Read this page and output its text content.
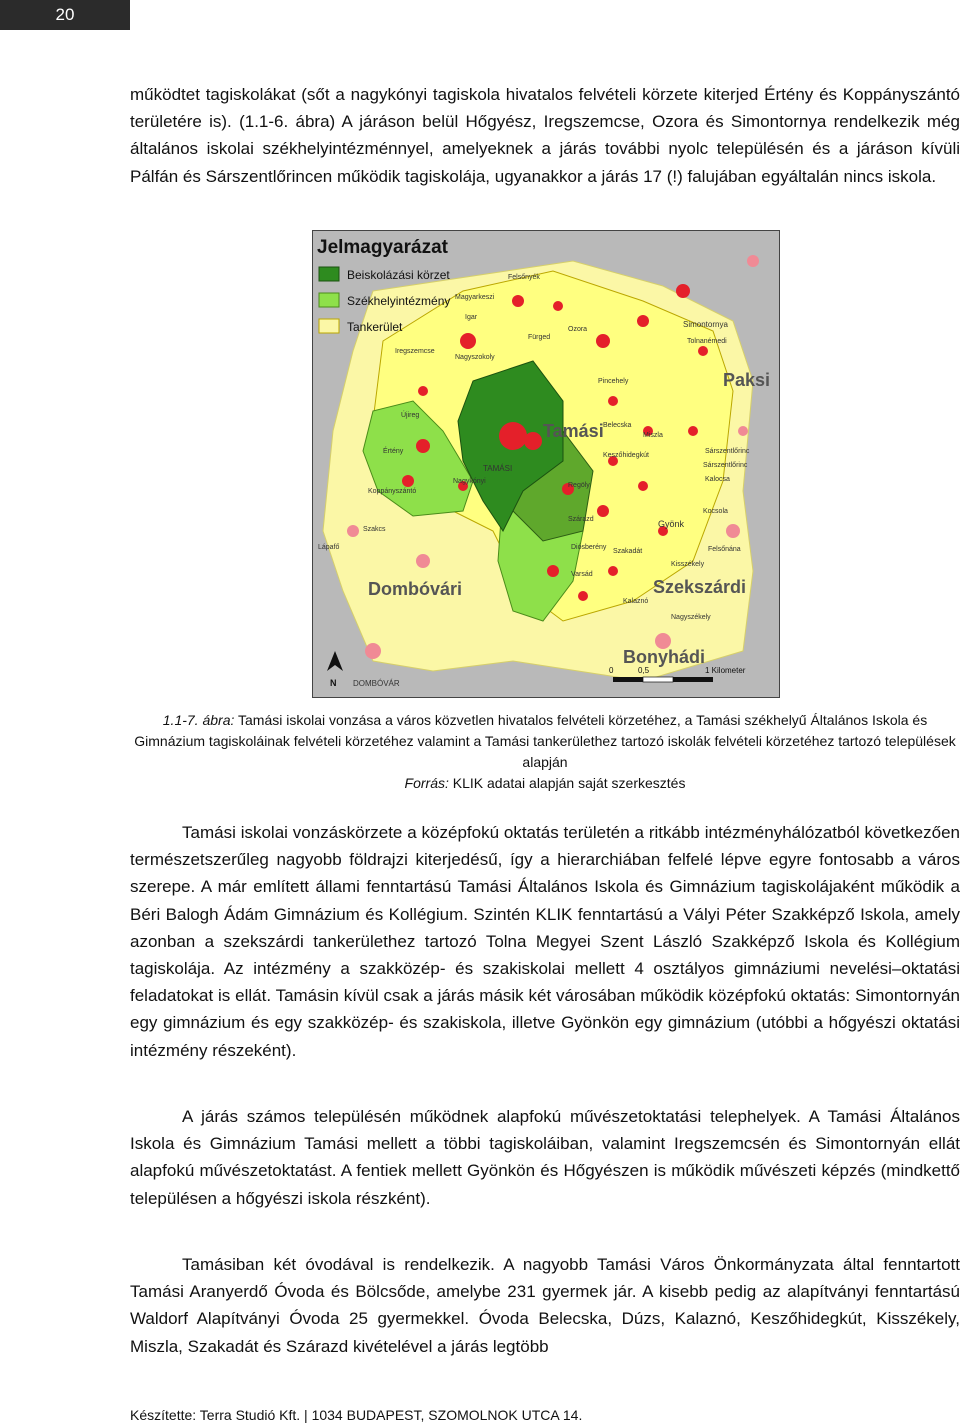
20

működtet tagiskolákat (sőt a nagykónyi tagiskola hivatalos felvételi körzete kiterjed Értény és Koppányszántó területére is). (1.1-6. ábra) A járáson belül Hőgyész, Iregszemcse, Ozora és Simontornya rendelkezik még általános iskolai székhelyintézménnyel, amelyeknek a járás további nyolc településén és a járáson kívüli Pálfán és Sárszentlőrincen működik tagiskolája, ugyanakkor a járás 17 (!) falujában egyáltalán nincs iskola.

Jelmagyarázat
Beiskolázási körzet
Székhelyintézmény
Tankerület
Tamási
Paksi
Dombóvári	Szekszárdi
Bonyhádi
Felsőnyék
Ozora
Fürged
Pincehely
Iregszemcse
Nagyszokoly
Magyarkeszi
Igar
Újireg
Értény
Nagykónyi
Koppányszántó
Tolnanémedi
Belecska
Miszla
Keszőhidegkút
Regöly
Szárazd	Gyönk
Szakadát
Diósberény
Varsád
Kalaznó
Kisszékely
Nagyszékely
Sárszentlőrinc
Kocsola
Felsőnána
Szakcs
Lápafő
Simontornya
TAMÁSI
DOMBÓVÁR
Kalocsa
Sárszentlőrinc
N
0	0,5	1 Kilometer

1.1-7. ábra: Tamási iskolai vonzása a város közvetlen hivatalos felvételi körzetéhez, a Tamási székhelyű Általános Iskola és Gimnázium tagiskoláinak felvételi körzetéhez valamint a Tamási tankerülethez tartozó iskolák felvételi körzetéhez tartozó települések alapján

Forrás: KLIK adatai alapján saját szerkesztés

Tamási iskolai vonzáskörzete a középfokú oktatás területén a ritkább intézményhálózatból következően természetszerűleg nagyobb földrajzi kiterjedésű, így a hierarchiában felfelé lépve egyre fontosabb a város szerepe. A már említett állami fenntartású Tamási Általános Iskola és Gimnázium tagiskolájaként működik a Béri Balogh Ádám Gimnázium és Kollégium. Szintén KLIK fenntartású a Vályi Péter Szakképző Iskola, amely azonban a szekszárdi tankerülethez tartozó Tolna Megyei Szent László Szakképző Iskola és Kollégium tagiskolája. Az intézmény a szakközép- és szakiskolai mellett 4 osztályos gimnáziumi nevelési–oktatási feladatokat is ellát. Tamásin kívül csak a járás másik két városában működik középfokú oktatás: Simontornyán egy gimnázium és egy szakközép- és szakiskola, illetve Gyönkön egy gimnázium (utóbbi a hőgyészi oktatási intézmény részeként).

A járás számos településén működnek alapfokú művészetoktatási telephelyek. A Tamási Általános Iskola és Gimnázium Tamási mellett a többi tagiskoláiban, valamint Iregszemcsén és Simontornyán ellát alapfokú művészetoktatást. A fentiek mellett Gyönkön és Hőgyészen is működik művészeti képzés (mindkettő településen a hőgyészi iskola részként).

Tamásiban két óvodával is rendelkezik. A nagyobb Tamási Város Önkormányzata által fenntartott Tamási Aranyerdő Óvoda és Bölcsőde, amelybe 231 gyermek jár. A kisebb pedig az alapítványi fenntartású Waldorf Alapítványi Óvoda 25 gyermekkel. Óvoda Belecska, Dúzs, Kalaznó, Keszőhidegkút, Kisszékely, Miszla, Szakadát és Szárazd kivételével a járás legtöbb

Készítette: Terra Studió Kft. | 1034 BUDAPEST, SZOMOLNOK UTCA 14.
